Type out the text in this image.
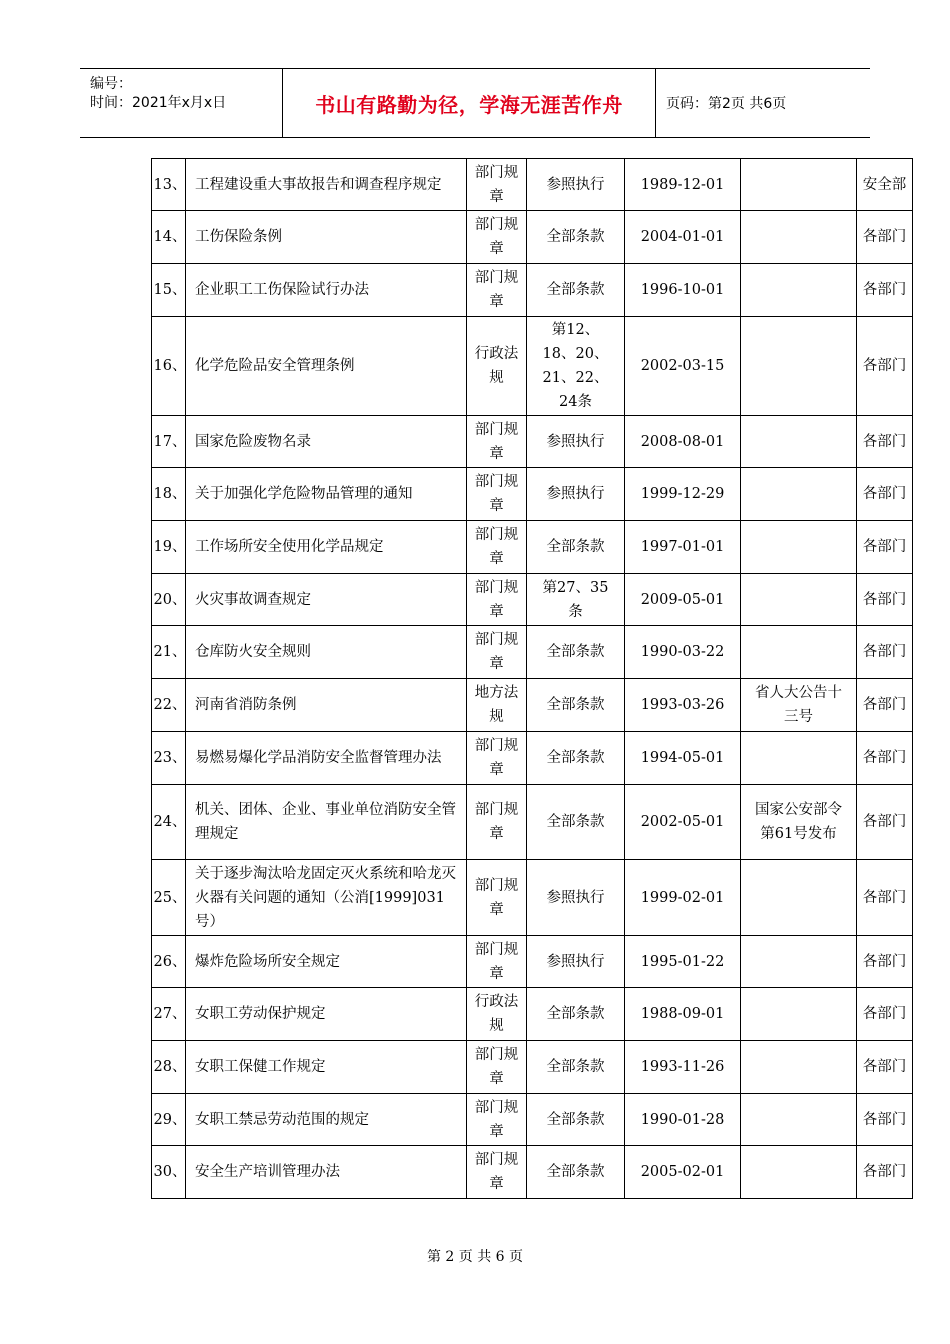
编号：
时间：2021年x月x日	书山有路勤为径，学海无涯苦作舟	页码：第2页 共6页
13、	工程建设重大事故报告和调查程序规定	部门规章	参照执行	1989-12-01		安全部
14、	工伤保险条例	部门规章	全部条款	2004-01-01		各部门
15、	企业职工工伤保险试行办法	部门规章	全部条款	1996-10-01		各部门
16、	化学危险品安全管理条例	行政法规	第12、18、20、21、22、24条	2002-03-15		各部门
17、	国家危险废物名录	部门规章	参照执行	2008-08-01		各部门
18、	关于加强化学危险物品管理的通知	部门规章	参照执行	1999-12-29		各部门
19、	工作场所安全使用化学品规定	部门规章	全部条款	1997-01-01		各部门
20、	火灾事故调查规定	部门规章	第27、35条	2009-05-01		各部门
21、	仓库防火安全规则	部门规章	全部条款	1990-03-22		各部门
22、	河南省消防条例	地方法规	全部条款	1993-03-26	省人大公告十三号	各部门
23、	易燃易爆化学品消防安全监督管理办法	部门规章	全部条款	1994-05-01		各部门
24、	机关、团体、企业、事业单位消防安全管理规定	部门规章	全部条款	2002-05-01	国家公安部令第61号发布	各部门
25、	关于逐步淘汰哈龙固定灭火系统和哈龙灭火器有关问题的通知（公消[1999]031号）	部门规章	参照执行	1999-02-01		各部门
26、	爆炸危险场所安全规定	部门规章	参照执行	1995-01-22		各部门
27、	女职工劳动保护规定	行政法规	全部条款	1988-09-01		各部门
28、	女职工保健工作规定	部门规章	全部条款	1993-11-26		各部门
29、	女职工禁忌劳动范围的规定	部门规章	全部条款	1990-01-28		各部门
30、	安全生产培训管理办法	部门规章	全部条款	2005-02-01		各部门
第 2 页 共 6 页
